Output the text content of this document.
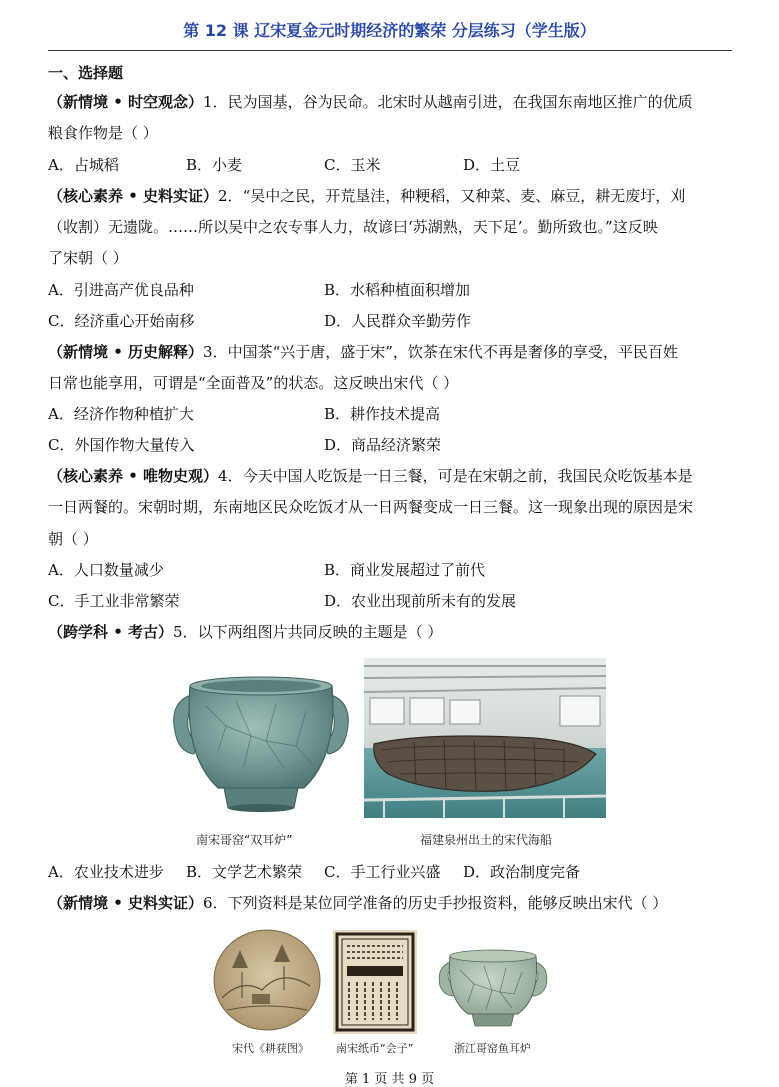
第 12 课 辽宋夏金元时期经济的繁荣 分层练习（学生版）
一、选择题
（新情境 • 时空观念）1．民为国基，谷为民命。北宋时从越南引进，在我国东南地区推广的优质
粮食作物是（ ）
A．占城稻	B．小麦	C．玉米	D．土豆
（核心素养 • 史料实证）2．“吴中之民，开荒垦洼，种粳稻，又种菜、麦、麻豆，耕无废圩，刈
（收割）无遗陇。……所以吴中之农专事人力，故谚曰‘苏湖熟，天下足’。勤所致也。”这反映
了宋朝（ ）
A．引进高产优良品种	B．水稻种植面积增加
C．经济重心开始南移	D．人民群众辛勤劳作
（新情境 • 历史解释）3．中国茶“兴于唐，盛于宋”，饮茶在宋代不再是奢侈的享受，平民百姓
日常也能享用，可谓是“全面普及”的状态。这反映出宋代（ ）
A．经济作物种植扩大	B．耕作技术提高
C．外国作物大量传入	D．商品经济繁荣
（核心素养 • 唯物史观）4．今天中国人吃饭是一日三餐，可是在宋朝之前，我国民众吃饭基本是
一日两餐的。宋朝时期，东南地区民众吃饭才从一日两餐变成一日三餐。这一现象出现的原因是宋
朝（ ）
A．人口数量减少	B．商业发展超过了前代
C．手工业非常繁荣	D．农业出现前所未有的发展
（跨学科 • 考古）5．以下两组图片共同反映的主题是（ ）
南宋哥窑“双耳炉”	福建泉州出土的宋代海船
A．农业技术进步 B．文学艺术繁荣 C．手工行业兴盛 D．政治制度完备
（新情境 • 史料实证）6．下列资料是某位同学准备的历史手抄报资料，能够反映出宋代（ ）
宋代《耕获图》 南宋纸币“会子”	浙江哥窑鱼耳炉
第 1 页 共 9 页
